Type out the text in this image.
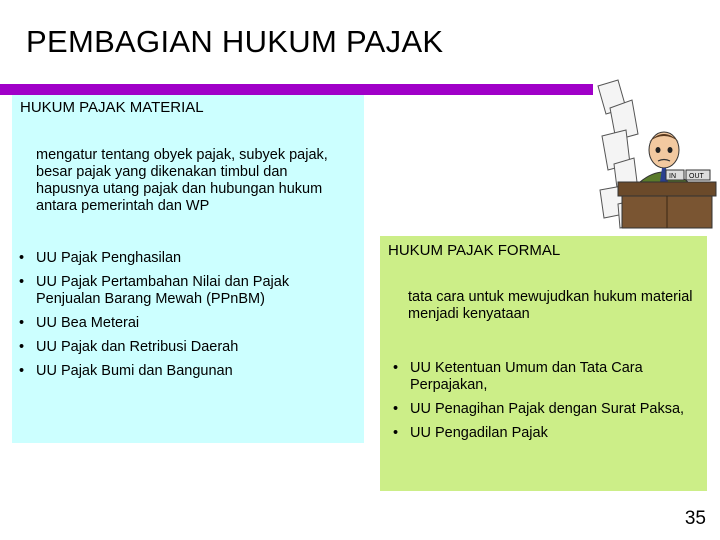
PEMBAGIAN HUKUM PAJAK
HUKUM PAJAK MATERIAL

mengatur tentang obyek pajak, subyek pajak, besar pajak yang dikenakan timbul dan hapusnya utang pajak dan hubungan hukum antara pemerintah dan WP

• UU Pajak Penghasilan
• UU Pajak Pertambahan Nilai dan Pajak Penjualan Barang Mewah (PPnBM)
• UU Bea Meterai
• UU Pajak dan Retribusi Daerah
• UU Pajak Bumi dan Bangunan
IN OUT
HUKUM PAJAK FORMAL

tata cara untuk mewujudkan hukum material menjadi kenyataan

• UU Ketentuan Umum dan Tata Cara Perpajakan,
• UU Penagihan Pajak dengan Surat Paksa,
• UU Pengadilan Pajak

35
